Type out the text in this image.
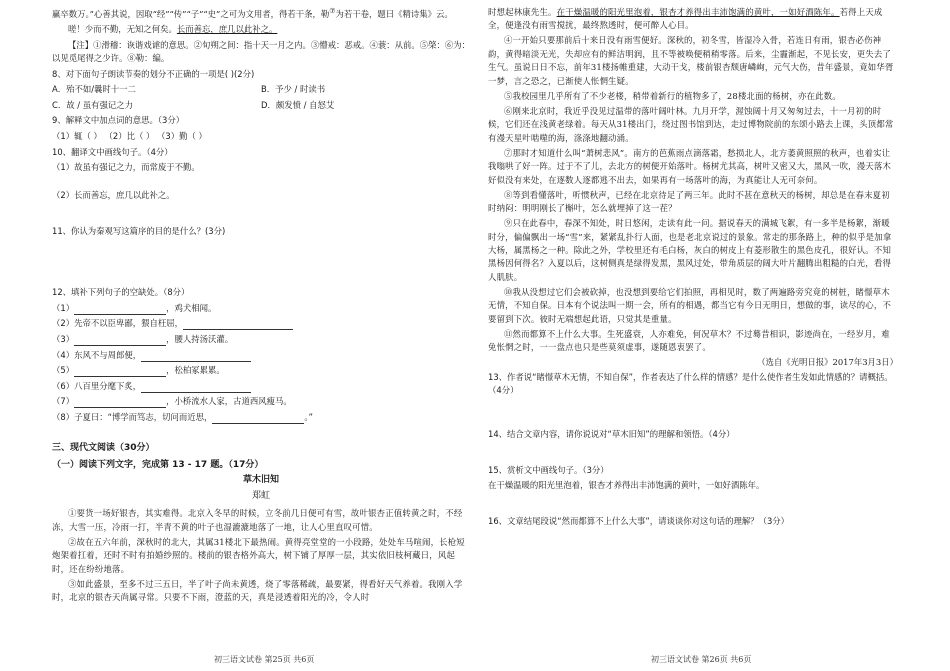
赢卒数万。”心善其说，因取“经”“传”“子”“史”之可为文用者，得若干条，勒⑦为若干卷，题曰《精诗集》云。

嗟！少而不勤，无知之何矣。长而善忘，庶几以此补之。

【注】①滑稽：诙谐戏谑的意思。②旬朔之间：指十天一月之内。③懵戒：恶戒。④蓑：从前。⑤棨：⑥为：以见觅尾得之少许。⑧勒：编。

8、对下面句子朗读节奏的划分不正确的一项是( )(2分)

A．殆不如/曩时十一二	B．予少 / 时读书
C．故 / 虽有强记之力	D．颇发愤 / 自怒艾

9、解释文中加点词的意思。（3分）

（1）辄（ ） （2）比（ ） （3）勤（ ）

10、翻译文中画线句子。（4分）

（1）故虽有强记之力，而常废于不勤。

（2）长而善忘，庶几以此补之。

11、你认为秦观写这篇序的目的是什么？(3分)

12、填补下列句子的空缺处。（8分）

（1）	，鸡犬相闻。

（2）先帝不以臣卑鄙，猥自枉屈，

（3）	，腰人持汤沃灌。

（4）东风不与周郎便，

（5）	，松柏冢累累。

（6）八百里分麾下炙，

（7）	，小桥流水人家，古道西风瘦马。

（8）子夏曰：“博学而笃志，切问而近思，	。”

三、现代文阅读（30分）

（一）阅读下列文字，完成第 13 - 17 题。（17分）

草木旧知

郑虹

①要货一场好银杏，其实难得。北京入冬早的时候，立冬前几日便可有雪，故叶银杏正值转黄之时，不经冻，大雪一压，冷雨一打，半青不黄的叶子也湿漉漉地落了一地，让人心里直叹可惜。

②故在五六年前，深秋时的北大，其属31楼北下最热闹。黄得亮堂堂的一小段路，处处车马喧闹，长枪短炮架着扛着，还时不时有拍婚纱照的。楼前的银杏格外高大，树下铺了厚厚一层，其实依旧枝柯藏日，风起时，还在纷纷地落。

③如此盛景，至多不过三五日，半了叶子尚未黄透，烧了零落稀疏，最要紧，得看好天气养着。我刚入学时，北京的银杏天尚属寻常。只要不下雨，澄蓝的天，真是浸透着阳光的冷，令人时

时想起林康先生。在干燥温暖的阳光里泡着，银杏才养得出丰沛饱满的黄叶，一如好酒陈年。若得上天成全，便逢没有雨雪搅扰，最终熬透时，便可醉人心目。

④一开始只要那前后十来日没有雨雪便好。深秋的，初冬雪，皆湿冷入骨，若连日有雨，银杏必伤神韵，黄得暗淡无光，失却应有的鲜洁明润，且不等被唤便稍稍零落。后来，尘霾渐起，不见长安，更失去了生气。虽说日日不忘，前年31楼扬帷重建，大动干戈，楼前银杏颓唐嶙峋，元气大伤，昔年盛景，竟如华胥一梦，言之恐之，已渐使人怅惘生疑。

⑤我校园里几乎所有了不少老楼，稍带着新行的植物多了，28楼北面的杨树，亦在此数。

⑥刚来北京时，我近乎没见过温带的落叶阔叶林。九月开学，渥蚀阔十月又匆匆过去，十一月初的时候，它们还在浅黄老绿着。每天从31楼出门，绕过图书馆到达，走过博物院前的东颂小路去上课，头顶都常有漫天星叶啮噬的海，涤涤地翻动涌。

⑦那时才知道什么叫“萧树悲风”。南方的芭蕉雨点滴落霜，愁损北人，北方萎黄照照的秋声，也着实让我嗡哄了好一阵。过于不了儿，去北方的树便开始落叶。杨树尤其高，树叶又密又大，黑风一吹，漫天落木好似没有来处，在逐数人逐都逃不出去，如果再有一场落叶的海，为真能让人无可奈何。

⑧等到看懂落叶，听惯秋声，已经在北京待足了两三年。此时不甚在意秋天的杨树，却总是在春末夏初时纳闷：明明刚长了槲叶，怎么就埋掉了这一茬？

⑨只在此春中，春深不知处，时日悠闲，走读有此一问。据说春天的满城飞絮，有一多半是杨絮，渐暖时分，偏偏飘出一场“雪”来，紧紧乱扑行人面，也是老北京说过的景象。常走的那条路上，种的似乎是加拿大杨，属黑杨之一种。除此之外，学校里还有毛白杨，灰白的树皮上有菱形散生的黑色皮孔，很好认。不知黑杨因何得名？入夏以后，这树侧真是绿得发黑，黑风过处，带角质层的阔大叶片翻腾出粗糙的白光，看得人肌肤。

⑩我从没想过它们会被砍掉，也没想到要给它们拍照，再相见时，数了两遍路旁究竟的树桩，睹憬草木无情，不知自保。日本有个说法叫一期一会，所有的相遇，都当它有今日无明日，想做的事，读尽的心，不要留到下次。彼时无端想起此语，只觉其是重量。

⑪然而都算不上什么大事。生死盛衰，人亦难免，何况草木？不过蓦昔相识，影迹尚在，一经岁月，难免怅惘之时，一一盘点也只是些莫须虚事，遂随恩衷罢了。

（选自《光明日报》2017年3月3日）

13、作者说“睹憬草木无情，不知自保”，作者表达了什么样的情感？是什么使作者生发如此情感的？请概括。（4分）

14、结合文章内容，请你说说对“草木旧知”的理解和领悟。（4分）

15、赏析文中画线句子。（3分）

在干燥温暖的阳光里泡着，银杏才养得出丰沛饱满的黄叶，一如好酒陈年。

16、文章结尾段说“然而都算不上什么大事”，请谈谈你对这句话的理解？（3分）

初三语文试卷 第25页 共6页	初三语文试卷 第26页 共6页
